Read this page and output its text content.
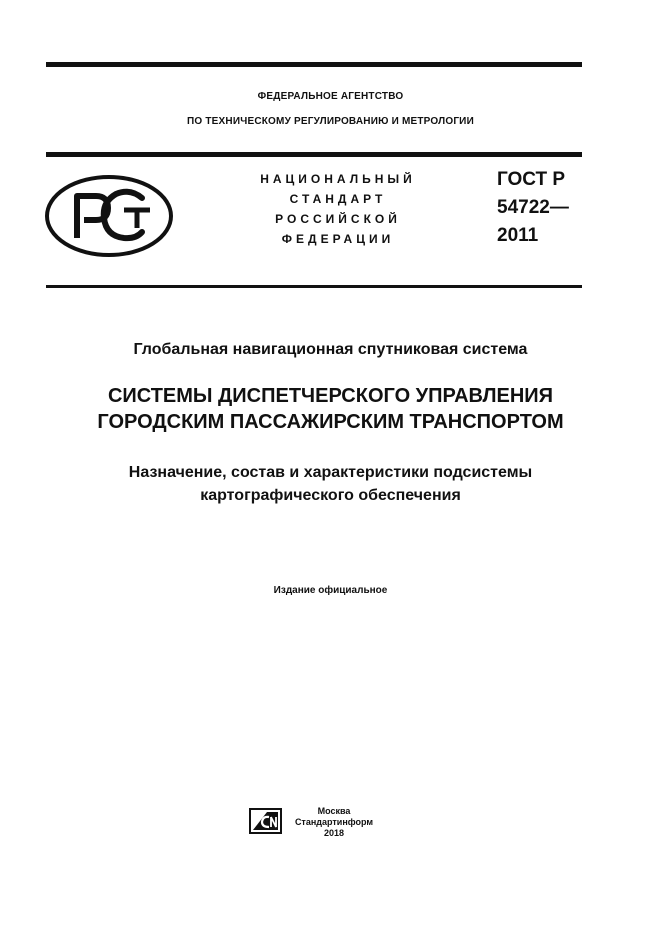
ФЕДЕРАЛЬНОЕ АГЕНТСТВО
ПО ТЕХНИЧЕСКОМУ РЕГУЛИРОВАНИЮ И МЕТРОЛОГИИ
НАЦИОНАЛЬНЫЙ
СТАНДАРТ
РОССИЙСКОЙ
ФЕДЕРАЦИИ
ГОСТ Р
54722—
2011
Глобальная навигационная спутниковая система
СИСТЕМЫ ДИСПЕТЧЕРСКОГО УПРАВЛЕНИЯ
ГОРОДСКИМ ПАССАЖИРСКИМ ТРАНСПОРТОМ
Назначение, состав и характеристики подсистемы
картографического обеспечения
Издание официальное
Москва
Стандартинформ
2018
